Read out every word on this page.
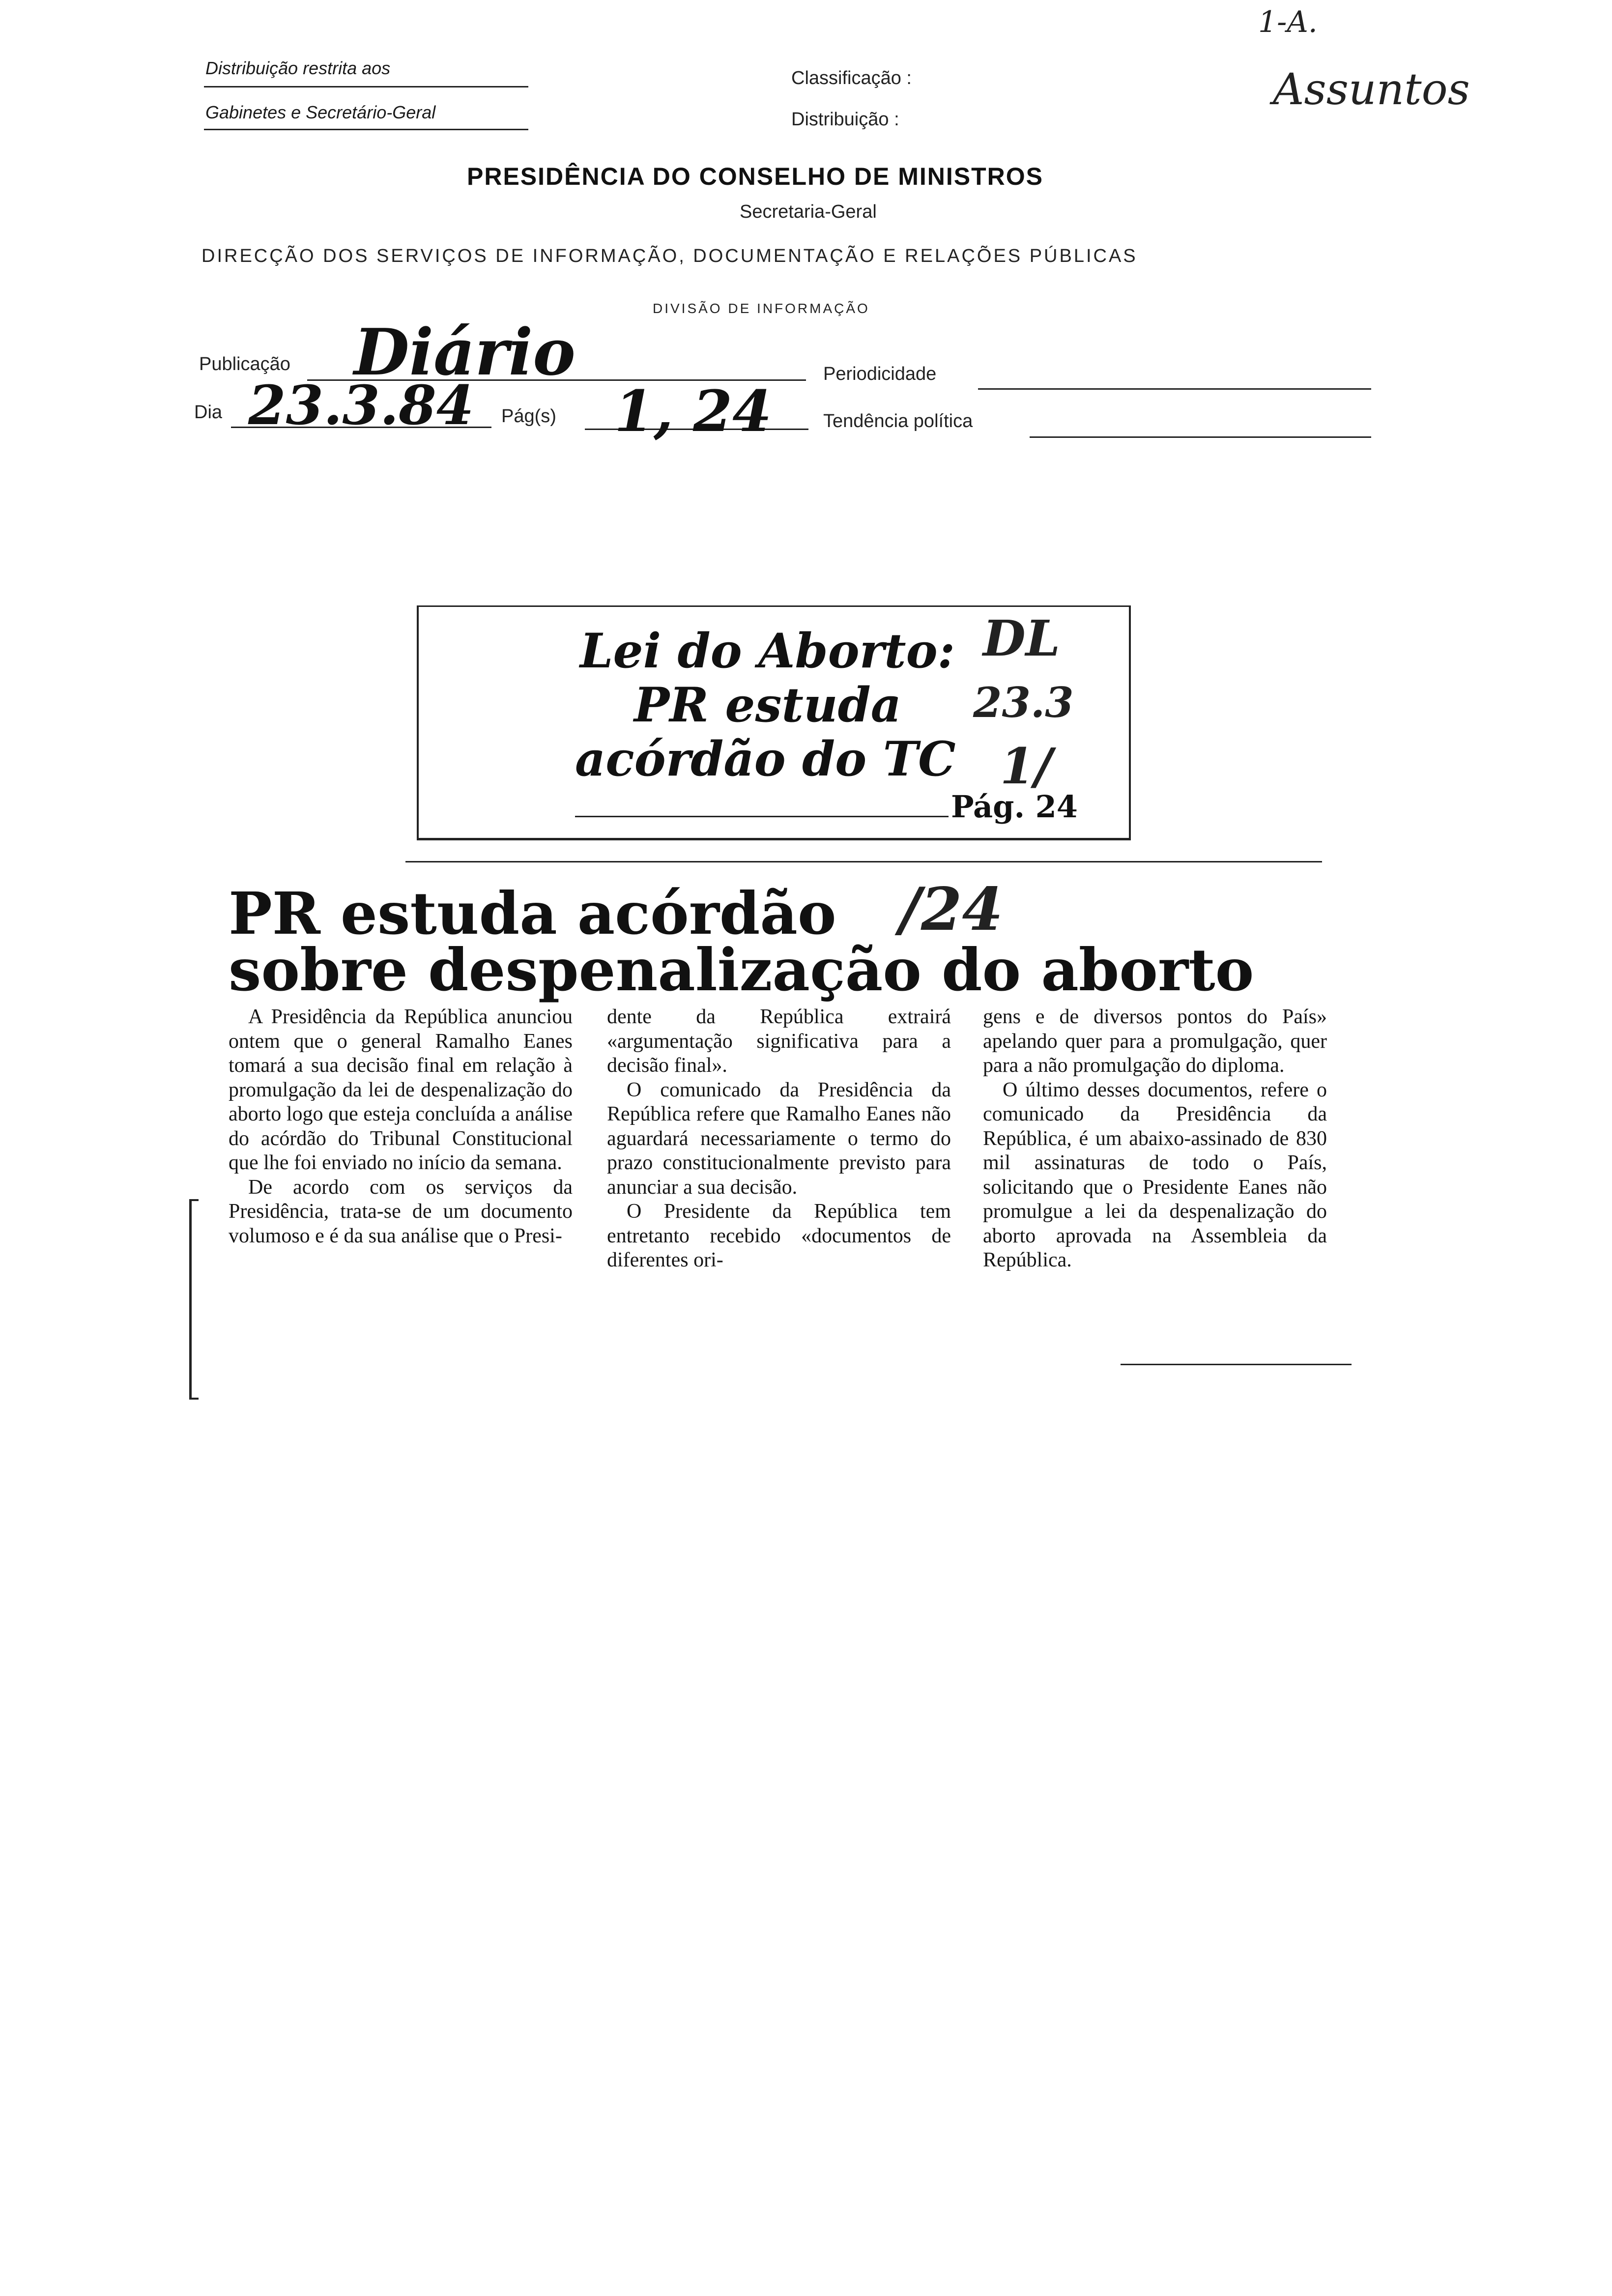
Distribuição restrita aos
Gabinetes e Secretário-Geral
Classificação :
Distribuição :
1-A.
Assuntos
PRESIDÊNCIA DO CONSELHO DE MINISTROS
Secretaria-Geral
DIRECÇÃO DOS SERVIÇOS DE INFORMAÇÃO, DOCUMENTAÇÃO E RELAÇÕES PÚBLICAS
DIVISÃO DE INFORMAÇÃO
Publicação Diário	Periodicidade
Dia 23.3.84 Pág(s) 1, 24	Tendência política
Lei do Aborto:
PR estuda
acórdão do TC
Pág. 24
DL
23.3
1/
PR estuda acórdão /24
sobre despenalização do aborto

A Presidência da República anunciou ontem que o general Ramalho Eanes tomará a sua decisão final em relação à promulgação da lei de despenalização do aborto logo que esteja concluída a análise do acórdão do Tribunal Constitucional que lhe foi enviado no início da semana.

De acordo com os serviços da Presidência, trata-se de um documento volumoso e é da sua análise que o Presi-

dente da República extrairá «argumentação significativa para a decisão final».

O comunicado da Presidência da República refere que Ramalho Eanes não aguardará necessariamente o termo do prazo constitucionalmente previsto para anunciar a sua decisão.

O Presidente da República tem entretanto recebido «documentos de diferentes ori-

gens e de diversos pontos do País» apelando quer para a promulgação, quer para a não promulgação do diploma.

O último desses documentos, refere o comunicado da Presidência da República, é um abaixo-assinado de 830 mil assinaturas de todo o País, solicitando que o Presidente Eanes não promulgue a lei da despenalização do aborto aprovada na Assembleia da República.
